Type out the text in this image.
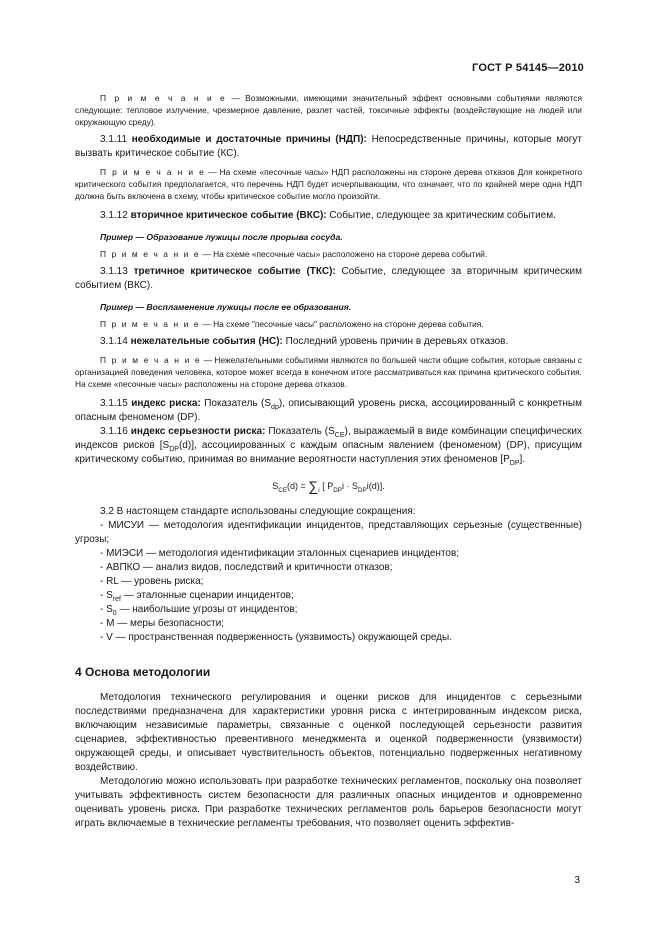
ГОСТ Р 54145—2010

П р и м е ч а н и е — Возможными, имеющими значительный эффект основными событиями являются следующие: тепловое излучение, чрезмерное давление, разлет частей, токсичные эффекты (воздействующие на людей или окружающую среду).

3.1.11 необходимые и достаточные причины (НДП): Непосредственные причины, которые могут вызвать критическое событие (КС).

П р и м е ч а н и е — На схеме «песочные часы» НДП расположены на стороне дерева отказов Для конкретного критического события предполагается, что перечень НДП будет исчерпывающим, что означает, что по крайней мере одна НДП должна быть включена в схему, чтобы критическое событие могло произойти.

3.1.12 вторичное критическое событие (ВКС): Событие, следующее за критическим событием.

Пример — Образование лужицы после прорыва сосуда.

П р и м е ч а н и е — На схеме «песочные часы» расположено на стороне дерева событий.

3.1.13 третичное критическое событие (ТКС): Событие, следующее за вторичным критическим событием (ВКС).

Пример — Воспламенение лужицы после ее образования.

П р и м е ч а н и е — На схеме "песочные часы" расположено на стороне дерева события.

3.1.14 нежелательные события (НС): Последний уровень причин в деревьях отказов.

П р и м е ч а н и е — Нежелательными событиями являются по большей части общие события, которые связаны с организацией поведения человека, которое может всегда в конечном итоге рассматриваться как причина критического события. На схеме «песочные часы» расположены на стороне дерева отказов.

3.1.15 индекс риска: Показатель $(S_{dp})$, описывающий уровень риска, ассоциированный с конкретным опасным феноменом (DP).

3.1.16 индекс серьезности риска: Показатель $(S_{CE})$, выражаемый в виде комбинации специфических индексов рисков $[S_{DP}(d)]$, ассоциированных с каждым опасным явлением (феноменом) (DP), присущим критическому событию, принимая во внимание вероятности наступления этих феноменов $[P_{DP}]$.

$S_{CE}(d) = \sum_i$ [ $P_{DP}i \cdot S_{DP}i(d)$].

3.2 В настоящем стандарте использованы следующие сокращения:

- МИСУИ — методология идентификации инцидентов, представляющих серьезные (существенные) угрозы;

- МИЭСИ — методология идентификации эталонных сценариев инцидентов;

- АВПКО — анализ видов, последствий и критичности отказов;

- RL — уровень риска;

- $S_{ref}$ — эталонные сценарии инцидентов;

- $S_0$ — наибольшие угрозы от инцидентов;

- М — меры безопасности;

- V — пространственная подверженность (уязвимость) окружающей среды.

4 Основа методологии

Методология технического регулирования и оценки рисков для инцидентов с серьезными последствиями предназначена для характеристики уровня риска с интегрированным индексом риска, включающим независимые параметры, связанные с оценкой последующей серьезности развития сценариев, эффективностью превентивного менеджмента и оценкой подверженности (уязвимости) окружающей среды, и описывает чувствительность объектов, потенциально подверженных негативному воздействию.

Методологию можно использовать при разработке технических регламентов, поскольку она позволяет учитывать эффективность систем безопасности для различных опасных инцидентов и одновременно оценивать уровень риска. При разработке технических регламентов роль барьеров безопасности могут играть включаемые в технические регламенты требования, что позволяет оценить эффектив-

3
